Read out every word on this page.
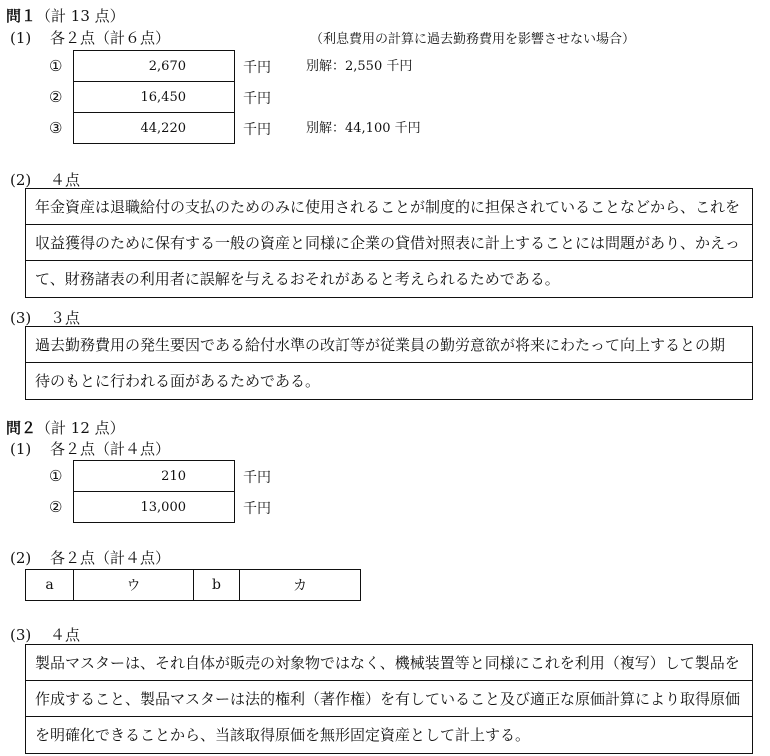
問１（計 13 点）
(1) 各２点（計６点）	（利息費用の計算に過去勤務費用を影響させない場合）
①	2,670	千円	別解：2,550 千円
②	16,450	千円
③	44,220	千円	別解：44,100 千円
(2) ４点
年金資産は退職給付の支払のためのみに使用されることが制度的に担保されていることなどから、これを
収益獲得のために保有する一般の資産と同様に企業の貸借対照表に計上することには問題があり、かえっ
て、財務諸表の利用者に誤解を与えるおそれがあると考えられるためである。
(3) ３点
過去勤務費用の発生要因である給付水準の改訂等が従業員の勤労意欲が将来にわたって向上するとの期
待のもとに行われる面があるためである。
問２（計 12 点）
(1) 各２点（計４点）
①	210	千円
②	13,000	千円
(2) 各２点（計４点）
a	ウ	b	カ
(3) ４点
製品マスターは、それ自体が販売の対象物ではなく、機械装置等と同様にこれを利用（複写）して製品を
作成すること、製品マスターは法的権利（著作権）を有していること及び適正な原価計算により取得原価
を明確化できることから、当該取得原価を無形固定資産として計上する。
